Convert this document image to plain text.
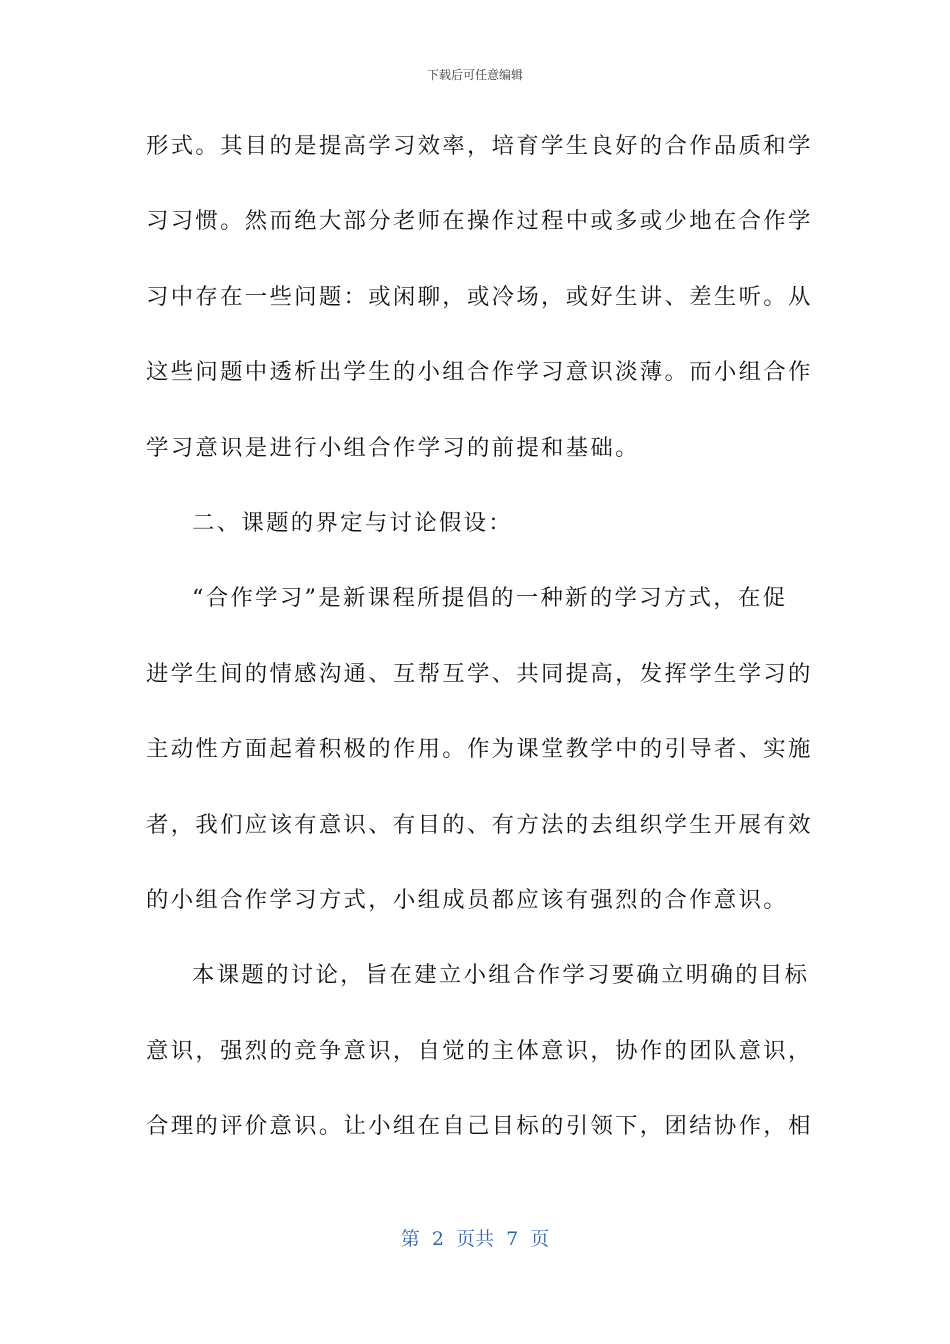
下载后可任意编辑
形式。其目的是提高学习效率，培育学生良好的合作品质和学
习习惯。然而绝大部分老师在操作过程中或多或少地在合作学
习中存在一些问题：或闲聊，或冷场，或好生讲、差生听。从
这些问题中透析出学生的小组合作学习意识淡薄。而小组合作
学习意识是进行小组合作学习的前提和基础。
二、课题的界定与讨论假设：
“合作学习”是新课程所提倡的一种新的学习方式，在促
进学生间的情感沟通、互帮互学、共同提高，发挥学生学习的
主动性方面起着积极的作用。作为课堂教学中的引导者、实施
者，我们应该有意识、有目的、有方法的去组织学生开展有效
的小组合作学习方式，小组成员都应该有强烈的合作意识。
本课题的讨论，旨在建立小组合作学习要确立明确的目标
意识，强烈的竞争意识，自觉的主体意识，协作的团队意识，
合理的评价意识。让小组在自己目标的引领下，团结协作，相
第  2  页共  7  页
